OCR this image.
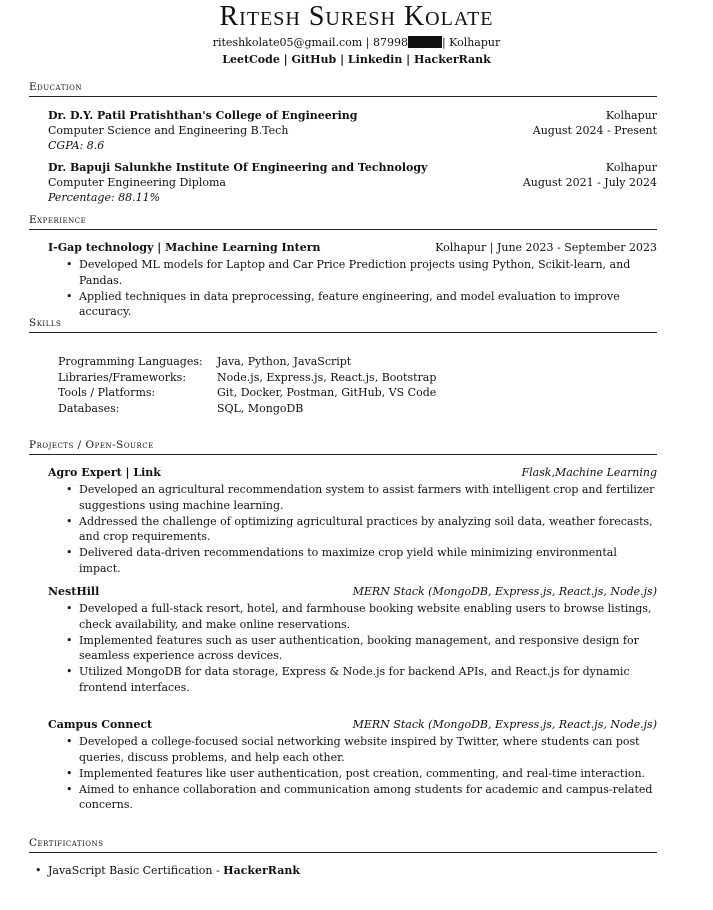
Ritesh Suresh Kolate
riteshkolate05@gmail.com | 87998	| Kolhapur
LeetCode | GitHub | Linkedin | HackerRank
Education
Dr. D.Y. Patil Pratishthan's College of Engineering	Kolhapur
Computer Science and Engineering B.Tech	August 2024 - Present
CGPA: 8.6
Dr. Bapuji Salunkhe Institute Of Engineering and Technology	Kolhapur
Computer Engineering Diploma	August 2021 - July 2024
Percentage: 88.11%
Experience
I-Gap technology | Machine Learning Intern	Kolhapur | June 2023 - September 2023
• Developed ML models for Laptop and Car Price Prediction projects using Python, Scikit-learn, and Pandas.
• Applied techniques in data preprocessing, feature engineering, and model evaluation to improve accuracy.
Skills
Programming Languages:	Java, Python, JavaScript
Libraries/Frameworks:	Node.js, Express.js, React.js, Bootstrap
Tools / Platforms:	Git, Docker, Postman, GitHub, VS Code
Databases:	SQL, MongoDB
Projects / Open-Source
Agro Expert | Link	Flask,Machine Learning
• Developed an agricultural recommendation system to assist farmers with intelligent crop and fertilizer suggestions using machine learning.
• Addressed the challenge of optimizing agricultural practices by analyzing soil data, weather forecasts, and crop requirements.
• Delivered data-driven recommendations to maximize crop yield while minimizing environmental impact.
NestHill	MERN Stack (MongoDB, Express.js, React.js, Node.js)
• Developed a full-stack resort, hotel, and farmhouse booking website enabling users to browse listings, check availability, and make online reservations.
• Implemented features such as user authentication, booking management, and responsive design for seamless experience across devices.
• Utilized MongoDB for data storage, Express & Node.js for backend APIs, and React.js for dynamic frontend interfaces.
Campus Connect	MERN Stack (MongoDB, Express.js, React.js, Node.js)
• Developed a college-focused social networking website inspired by Twitter, where students can post queries, discuss problems, and help each other.
• Implemented features like user authentication, post creation, commenting, and real-time interaction.
• Aimed to enhance collaboration and communication among students for academic and campus-related concerns.
Certifications
• JavaScript Basic Certification - HackerRank
